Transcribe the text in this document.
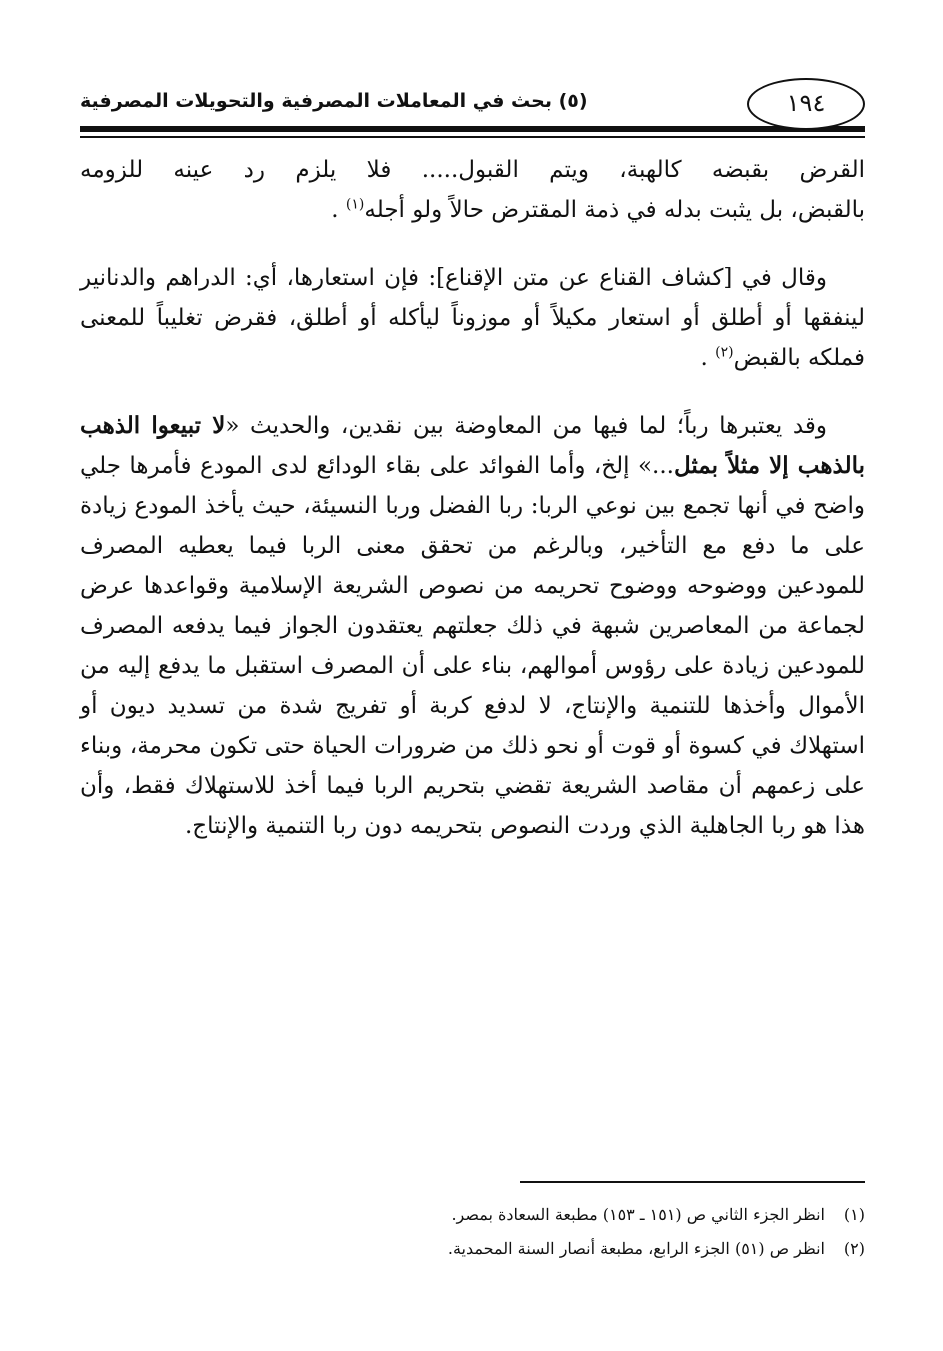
(٥) بحث في المعاملات المصرفية والتحويلات المصرفية	١٩٤

القرض بقبضه كالهبة، ويتم القبول..... فلا يلزم رد عينه للزومه

بالقبض، بل يثبت بدله في ذمة المقترض حالاً ولو أجله$^{(١)}$ .

وقال في [كشاف القناع عن متن الإقناع]: فإن استعارها، أي: الدراهم والدنانير لينفقها أو أطلق أو استعار مكيلاً أو موزوناً ليأكله أو أطلق، فقرض تغليباً للمعنى فملكه بالقبض$^{(٢)}$ .

وقد يعتبرها رباً؛ لما فيها من المعاوضة بين نقدين، والحديث «لا تبيعوا الذهب بالذهب إلا مثلاً بمثل...» إلخ، وأما الفوائد على بقاء الودائع لدى المودع فأمرها جلي واضح في أنها تجمع بين نوعي الربا: ربا الفضل وربا النسيئة، حيث يأخذ المودع زيادة على ما دفع مع التأخير، وبالرغم من تحقق معنى الربا فيما يعطيه المصرف للمودعين ووضوحه ووضوح تحريمه من نصوص الشريعة الإسلامية وقواعدها عرض لجماعة من المعاصرين شبهة في ذلك جعلتهم يعتقدون الجواز فيما يدفعه المصرف للمودعين زيادة على رؤوس أموالهم، بناء على أن المصرف استقبل ما يدفع إليه من الأموال وأخذها للتنمية والإنتاج، لا لدفع كربة أو تفريج شدة من تسديد ديون أو استهلاك في كسوة أو قوت أو نحو ذلك من ضرورات الحياة حتى تكون محرمة، وبناء على زعمهم أن مقاصد الشريعة تقضي بتحريم الربا فيما أخذ للاستهلاك فقط، وأن هذا هو ربا الجاهلية الذي وردت النصوص بتحريمه دون ربا التنمية والإنتاج.

(١)انظر الجزء الثاني ص (١٥١ ـ ١٥٣) مطبعة السعادة بمصر.
(٢)انظر ص (٥١) الجزء الرابع، مطبعة أنصار السنة المحمدية.
